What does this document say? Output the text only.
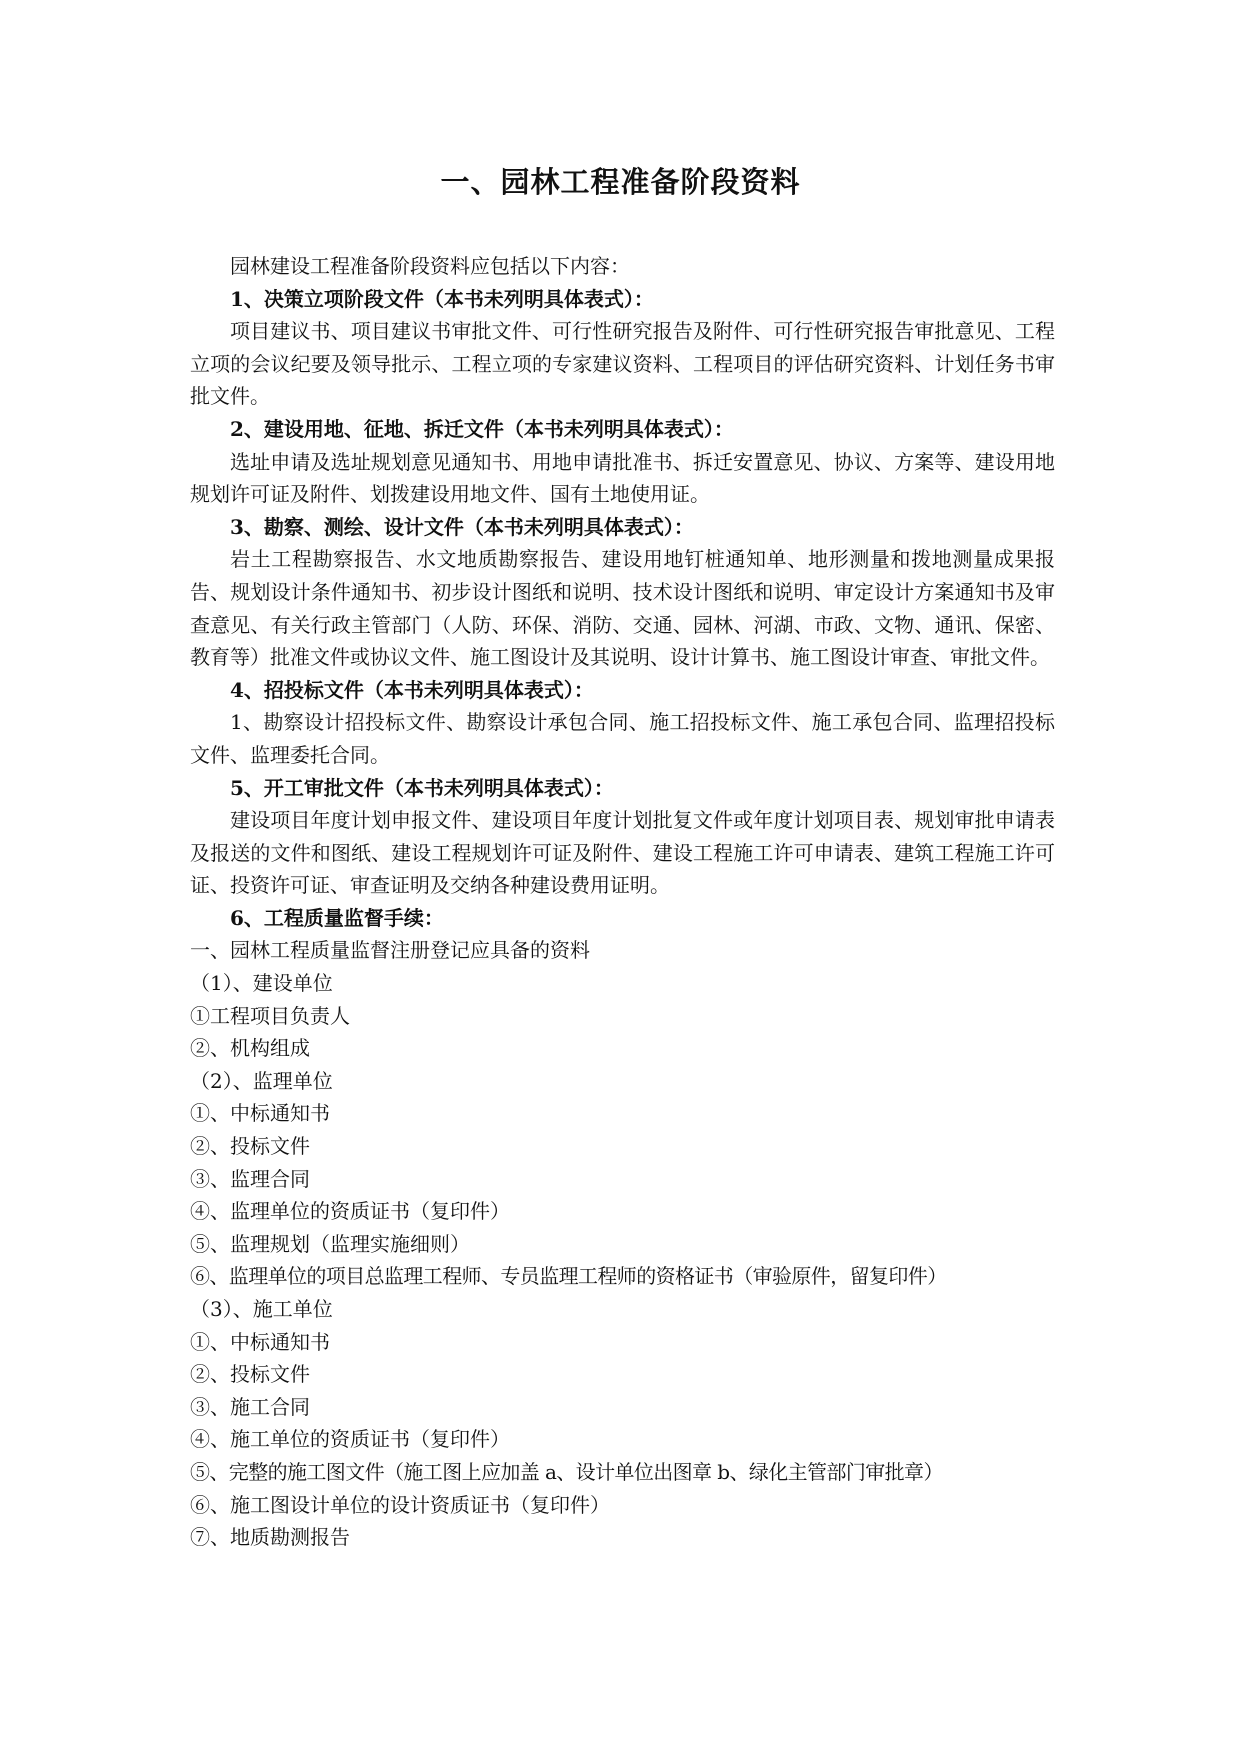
一、园林工程准备阶段资料

园林建设工程准备阶段资料应包括以下内容：

1、决策立项阶段文件（本书未列明具体表式）：

项目建议书、项目建议书审批文件、可行性研究报告及附件、可行性研究报告审批意见、工程立项的会议纪要及领导批示、工程立项的专家建议资料、工程项目的评估研究资料、计划任务书审批文件。

2、建设用地、征地、拆迁文件（本书未列明具体表式）：

选址申请及选址规划意见通知书、用地申请批准书、拆迁安置意见、协议、方案等、建设用地规划许可证及附件、划拨建设用地文件、国有土地使用证。

3、勘察、测绘、设计文件（本书未列明具体表式）：

岩土工程勘察报告、水文地质勘察报告、建设用地钉桩通知单、地形测量和拨地测量成果报告、规划设计条件通知书、初步设计图纸和说明、技术设计图纸和说明、审定设计方案通知书及审查意见、有关行政主管部门（人防、环保、消防、交通、园林、河湖、市政、文物、通讯、保密、教育等）批准文件或协议文件、施工图设计及其说明、设计计算书、施工图设计审查、审批文件。

4、招投标文件（本书未列明具体表式）：

1、勘察设计招投标文件、勘察设计承包合同、施工招投标文件、施工承包合同、监理招投标文件、监理委托合同。

5、开工审批文件（本书未列明具体表式）：

建设项目年度计划申报文件、建设项目年度计划批复文件或年度计划项目表、规划审批申请表及报送的文件和图纸、建设工程规划许可证及附件、建设工程施工许可申请表、建筑工程施工许可证、投资许可证、审查证明及交纳各种建设费用证明。

6、工程质量监督手续：

一、园林工程质量监督注册登记应具备的资料

（1）、建设单位

①工程项目负责人

②、机构组成

（2）、监理单位

①、中标通知书

②、投标文件

③、监理合同

④、监理单位的资质证书（复印件）

⑤、监理规划（监理实施细则）

⑥、监理单位的项目总监理工程师、专员监理工程师的资格证书（审验原件，留复印件）

（3）、施工单位

①、中标通知书

②、投标文件

③、施工合同

④、施工单位的资质证书（复印件）

⑤、完整的施工图文件（施工图上应加盖 a、设计单位出图章 b、绿化主管部门审批章）

⑥、施工图设计单位的设计资质证书（复印件）

⑦、地质勘测报告
